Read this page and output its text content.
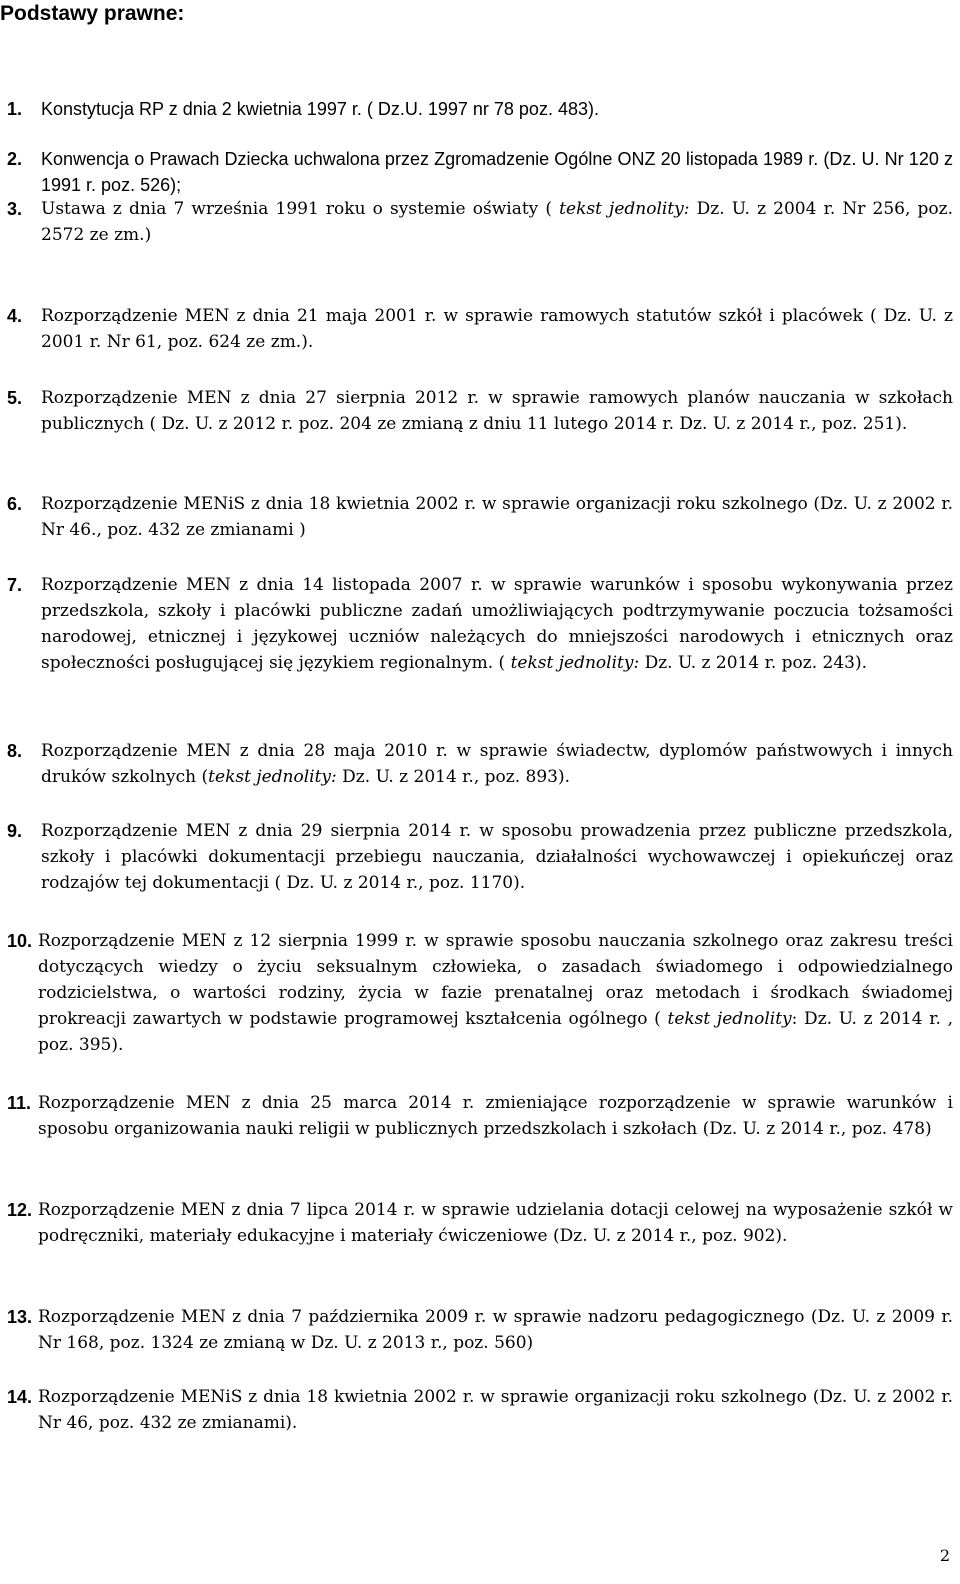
Podstawy prawne:
1. Konstytucja RP z dnia 2 kwietnia 1997 r. ( Dz.U. 1997 nr 78 poz. 483).
2. Konwencja o Prawach Dziecka uchwalona przez Zgromadzenie Ogólne ONZ 20 listopada 1989 r. (Dz. U. Nr 120 z 1991 r. poz. 526);
3. Ustawa z dnia 7 września 1991 roku o systemie oświaty ( tekst jednolity: Dz. U. z 2004 r. Nr 256, poz. 2572 ze zm.)
4. Rozporządzenie MEN z dnia 21 maja 2001 r. w sprawie ramowych statutów szkół i placówek ( Dz. U. z 2001 r. Nr 61, poz. 624 ze zm.).
5. Rozporządzenie MEN z dnia 27 sierpnia 2012 r. w sprawie ramowych planów nauczania w szkołach publicznych ( Dz. U. z 2012 r. poz. 204 ze zmianą z dniu 11 lutego 2014 r. Dz. U. z 2014 r., poz. 251).
6. Rozporządzenie MENiS z dnia 18 kwietnia 2002 r. w sprawie organizacji roku szkolnego (Dz. U. z 2002 r. Nr 46., poz. 432 ze zmianami )
7. Rozporządzenie MEN z dnia 14 listopada 2007 r. w sprawie warunków i sposobu wykonywania przez przedszkola, szkoły i placówki publiczne zadań umożliwiających podtrzymywanie poczucia tożsamości narodowej, etnicznej i językowej uczniów należących do mniejszości narodowych i etnicznych oraz społeczności posługującej się językiem regionalnym. ( tekst jednolity: Dz. U. z 2014 r. poz. 243).
8. Rozporządzenie MEN z dnia 28 maja 2010 r. w sprawie świadectw, dyplomów państwowych i innych druków szkolnych (tekst jednolity: Dz. U. z 2014 r., poz. 893).
9. Rozporządzenie MEN z dnia 29 sierpnia 2014 r. w sposobu prowadzenia przez publiczne przedszkola, szkoły i placówki dokumentacji przebiegu nauczania, działalności wychowawczej i opiekuńczej oraz rodzajów tej dokumentacji ( Dz. U. z 2014 r., poz. 1170).
10. Rozporządzenie MEN z 12 sierpnia 1999 r. w sprawie sposobu nauczania szkolnego oraz zakresu treści dotyczących wiedzy o życiu seksualnym człowieka, o zasadach świadomego i odpowiedzialnego rodzicielstwa, o wartości rodziny, życia w fazie prenatalnej oraz metodach i środkach świadomej prokreacji zawartych w podstawie programowej kształcenia ogólnego ( tekst jednolity: Dz. U. z 2014 r. , poz. 395).
11. Rozporządzenie MEN z dnia 25 marca 2014 r. zmieniające rozporządzenie w sprawie warunków i sposobu organizowania nauki religii w publicznych przedszkolach i szkołach (Dz. U. z 2014 r., poz. 478)
12. Rozporządzenie MEN z dnia 7 lipca 2014 r. w sprawie udzielania dotacji celowej na wyposażenie szkół w podręczniki, materiały edukacyjne i materiały ćwiczeniowe (Dz. U. z 2014 r., poz. 902).
13. Rozporządzenie MEN z dnia 7 października 2009 r. w sprawie nadzoru pedagogicznego (Dz. U. z 2009 r. Nr 168, poz. 1324 ze zmianą w Dz. U. z 2013 r., poz. 560)
14. Rozporządzenie MENiS z dnia 18 kwietnia 2002 r. w sprawie organizacji roku szkolnego (Dz. U. z 2002 r. Nr 46, poz. 432 ze zmianami).
2
